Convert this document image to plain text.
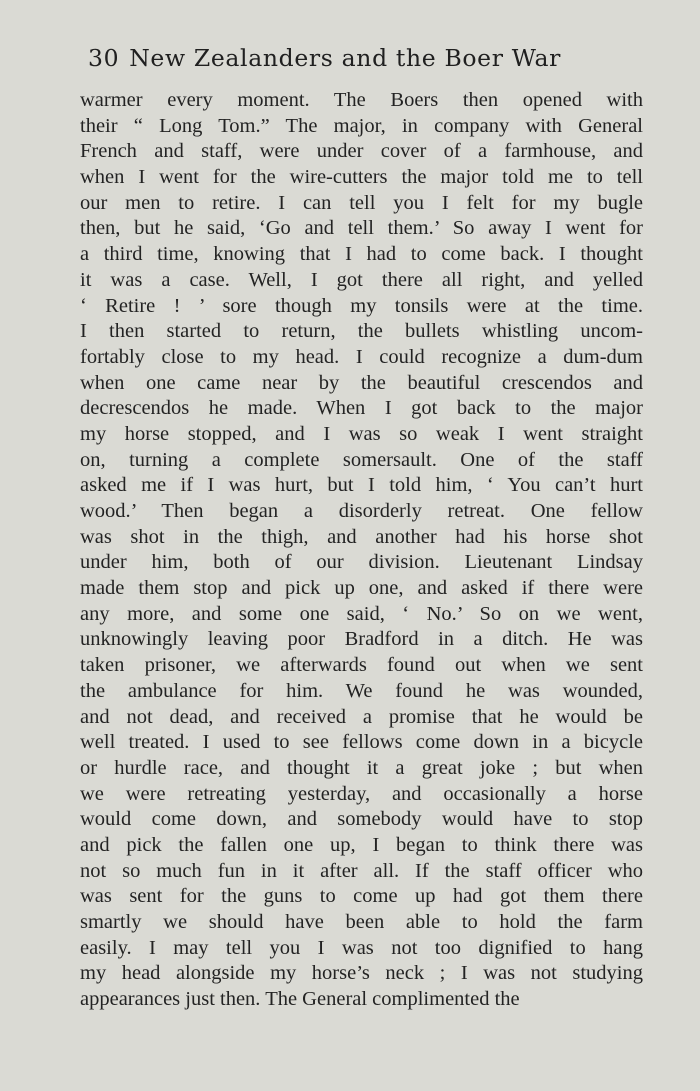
30 New Zealanders and the Boer War
warmer every moment. The Boers then opened with
their “ Long Tom.” The major, in company with General
French and staff, were under cover of a farmhouse, and
when I went for the wire-cutters the major told me to tell
our men to retire. I can tell you I felt for my bugle
then, but he said, ‘Go and tell them.’ So away I went for
a third time, knowing that I had to come back. I thought
it was a case. Well, I got there all right, and yelled
‘ Retire ! ’ sore though my tonsils were at the time.
I then started to return, the bullets whistling uncom-
fortably close to my head. I could recognize a dum-dum
when one came near by the beautiful crescendos and
decrescendos he made. When I got back to the major
my horse stopped, and I was so weak I went straight
on, turning a complete somersault. One of the staff
asked me if I was hurt, but I told him, ‘ You can’t hurt
wood.’ Then began a disorderly retreat. One fellow
was shot in the thigh, and another had his horse shot
under him, both of our division. Lieutenant Lindsay
made them stop and pick up one, and asked if there were
any more, and some one said, ‘ No.’ So on we went,
unknowingly leaving poor Bradford in a ditch. He was
taken prisoner, we afterwards found out when we sent
the ambulance for him. We found he was wounded,
and not dead, and received a promise that he would be
well treated. I used to see fellows come down in a bicycle
or hurdle race, and thought it a great joke ; but when
we were retreating yesterday, and occasionally a horse
would come down, and somebody would have to stop
and pick the fallen one up, I began to think there was
not so much fun in it after all. If the staff officer who
was sent for the guns to come up had got them there
smartly we should have been able to hold the farm
easily. I may tell you I was not too dignified to hang
my head alongside my horse’s neck ; I was not studying
appearances just then. The General complimented the
